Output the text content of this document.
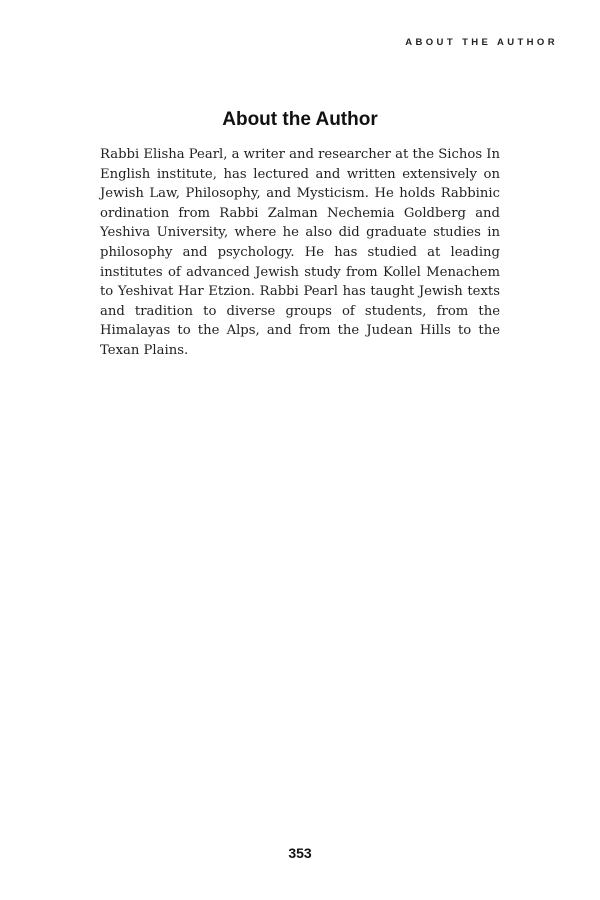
ABOUT THE AUTHOR
About the Author

Rabbi Elisha Pearl, a writer and researcher at the Sichos In English institute, has lectured and written extensively on Jewish Law, Philosophy, and Mysticism. He holds Rabbinic ordination from Rabbi Zalman Nechemia Goldberg and Yeshiva University, where he also did graduate studies in philosophy and psychology. He has studied at leading institutes of advanced Jewish study from Kollel Menachem to Yeshivat Har Etzion. Rabbi Pearl has taught Jewish texts and tradition to diverse groups of students, from the Himalayas to the Alps, and from the Judean Hills to the Texan Plains.

353
